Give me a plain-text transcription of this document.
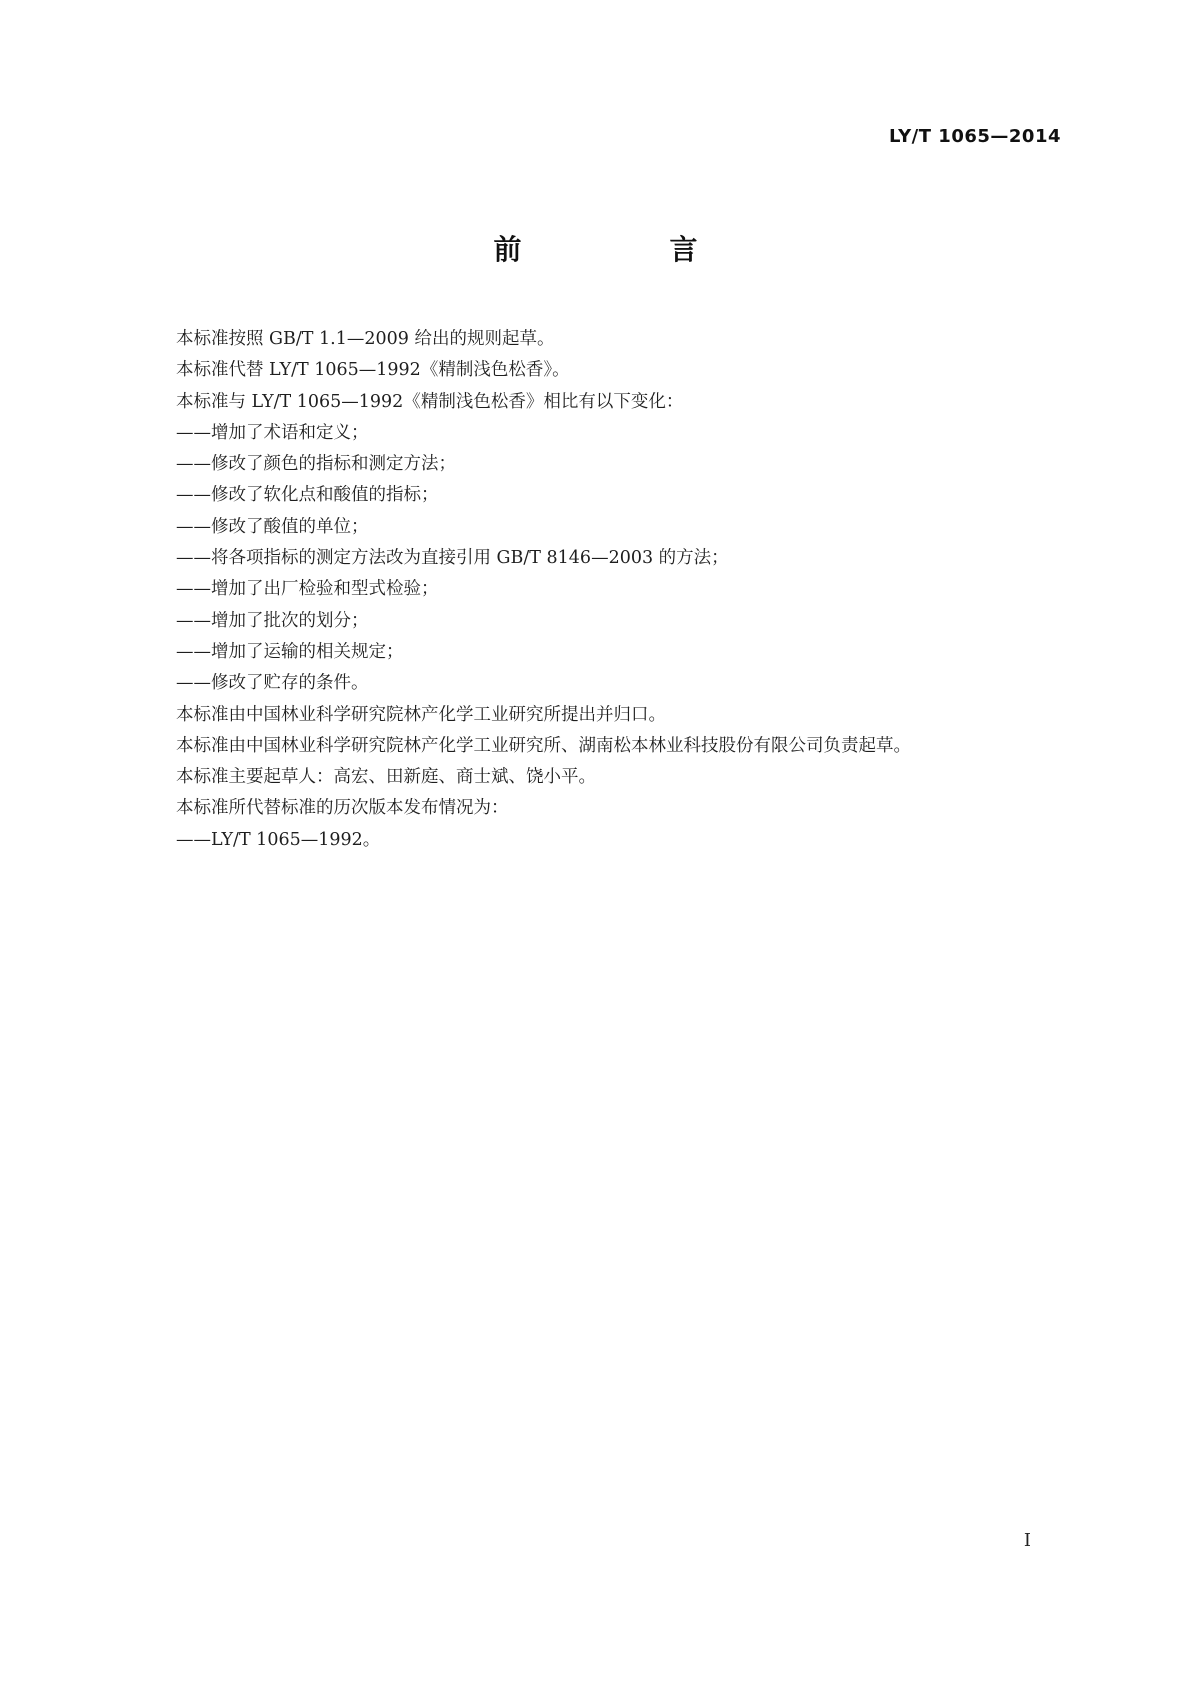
LY/T 1065—2014
前　言

本标准按照 GB/T 1.1—2009 给出的规则起草。

本标准代替 LY/T 1065—1992《精制浅色松香》。

本标准与 LY/T 1065—1992《精制浅色松香》相比有以下变化：

——增加了术语和定义；

——修改了颜色的指标和测定方法；

——修改了软化点和酸值的指标；

——修改了酸值的单位；

——将各项指标的测定方法改为直接引用 GB/T 8146—2003 的方法；

——增加了出厂检验和型式检验；

——增加了批次的划分；

——增加了运输的相关规定；

——修改了贮存的条件。

本标准由中国林业科学研究院林产化学工业研究所提出并归口。

本标准由中国林业科学研究院林产化学工业研究所、湖南松本林业科技股份有限公司负责起草。

本标准主要起草人：高宏、田新庭、商士斌、饶小平。

本标准所代替标准的历次版本发布情况为：

——LY/T 1065—1992。

I
